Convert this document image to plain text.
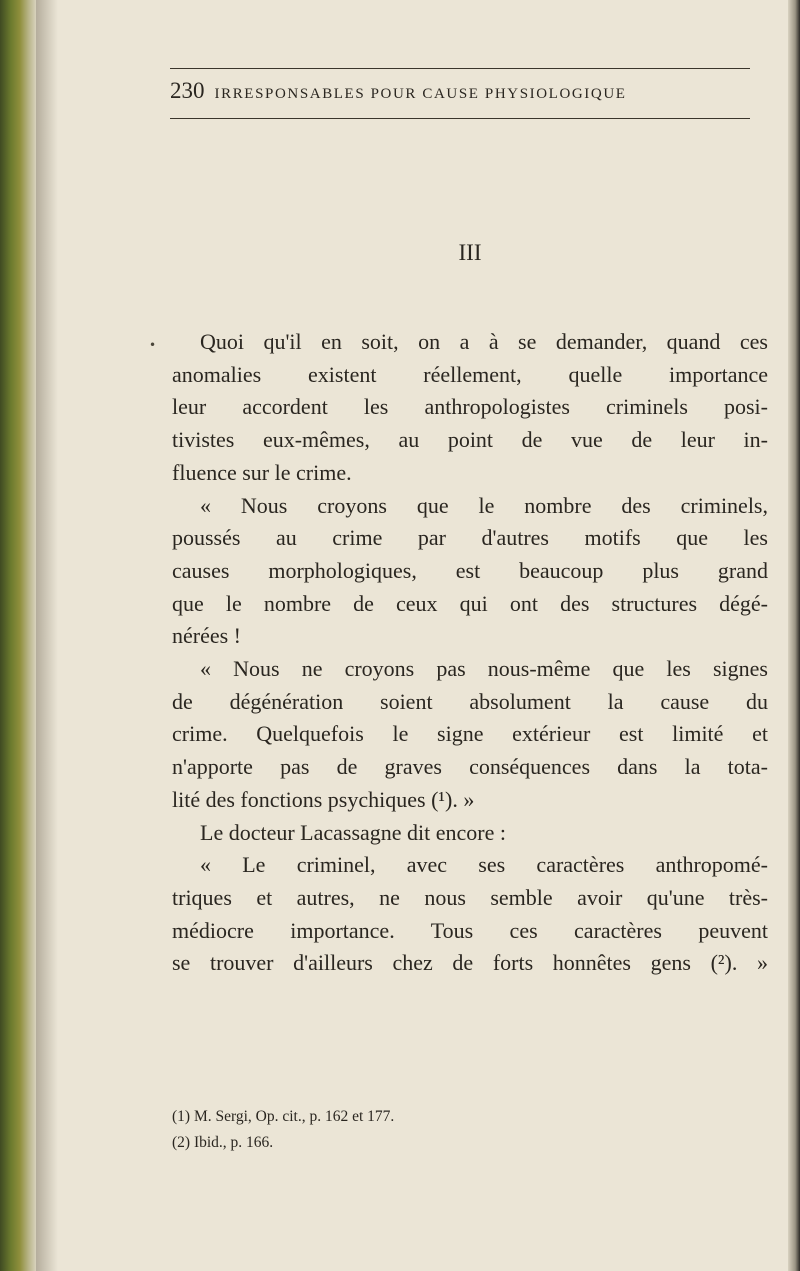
230 IRRESPONSABLES POUR CAUSE PHYSIOLOGIQUE
III
•	Quoi qu'il en soit, on a à se demander, quand ces
anomalies existent réellement, quelle importance
leur accordent les anthropologistes criminels posi-
tivistes eux-mêmes, au point de vue de leur in-
fluence sur le crime.
« Nous croyons que le nombre des criminels,
poussés au crime par d'autres motifs que les
causes morphologiques, est beaucoup plus grand
que le nombre de ceux qui ont des structures dégé-
nérées !
« Nous ne croyons pas nous-même que les signes
de dégénération soient absolument la cause du
crime. Quelquefois le signe extérieur est limité et
n'apporte pas de graves conséquences dans la tota-
lité des fonctions psychiques (¹). »
Le docteur Lacassagne dit encore :
« Le criminel, avec ses caractères anthropomé-
triques et autres, ne nous semble avoir qu'une très-
médiocre importance. Tous ces caractères peuvent
se trouver d'ailleurs chez de forts honnêtes gens (²). »
(1) M. Sergi, Op. cit., p. 162 et 177.
(2) Ibid., p. 166.
